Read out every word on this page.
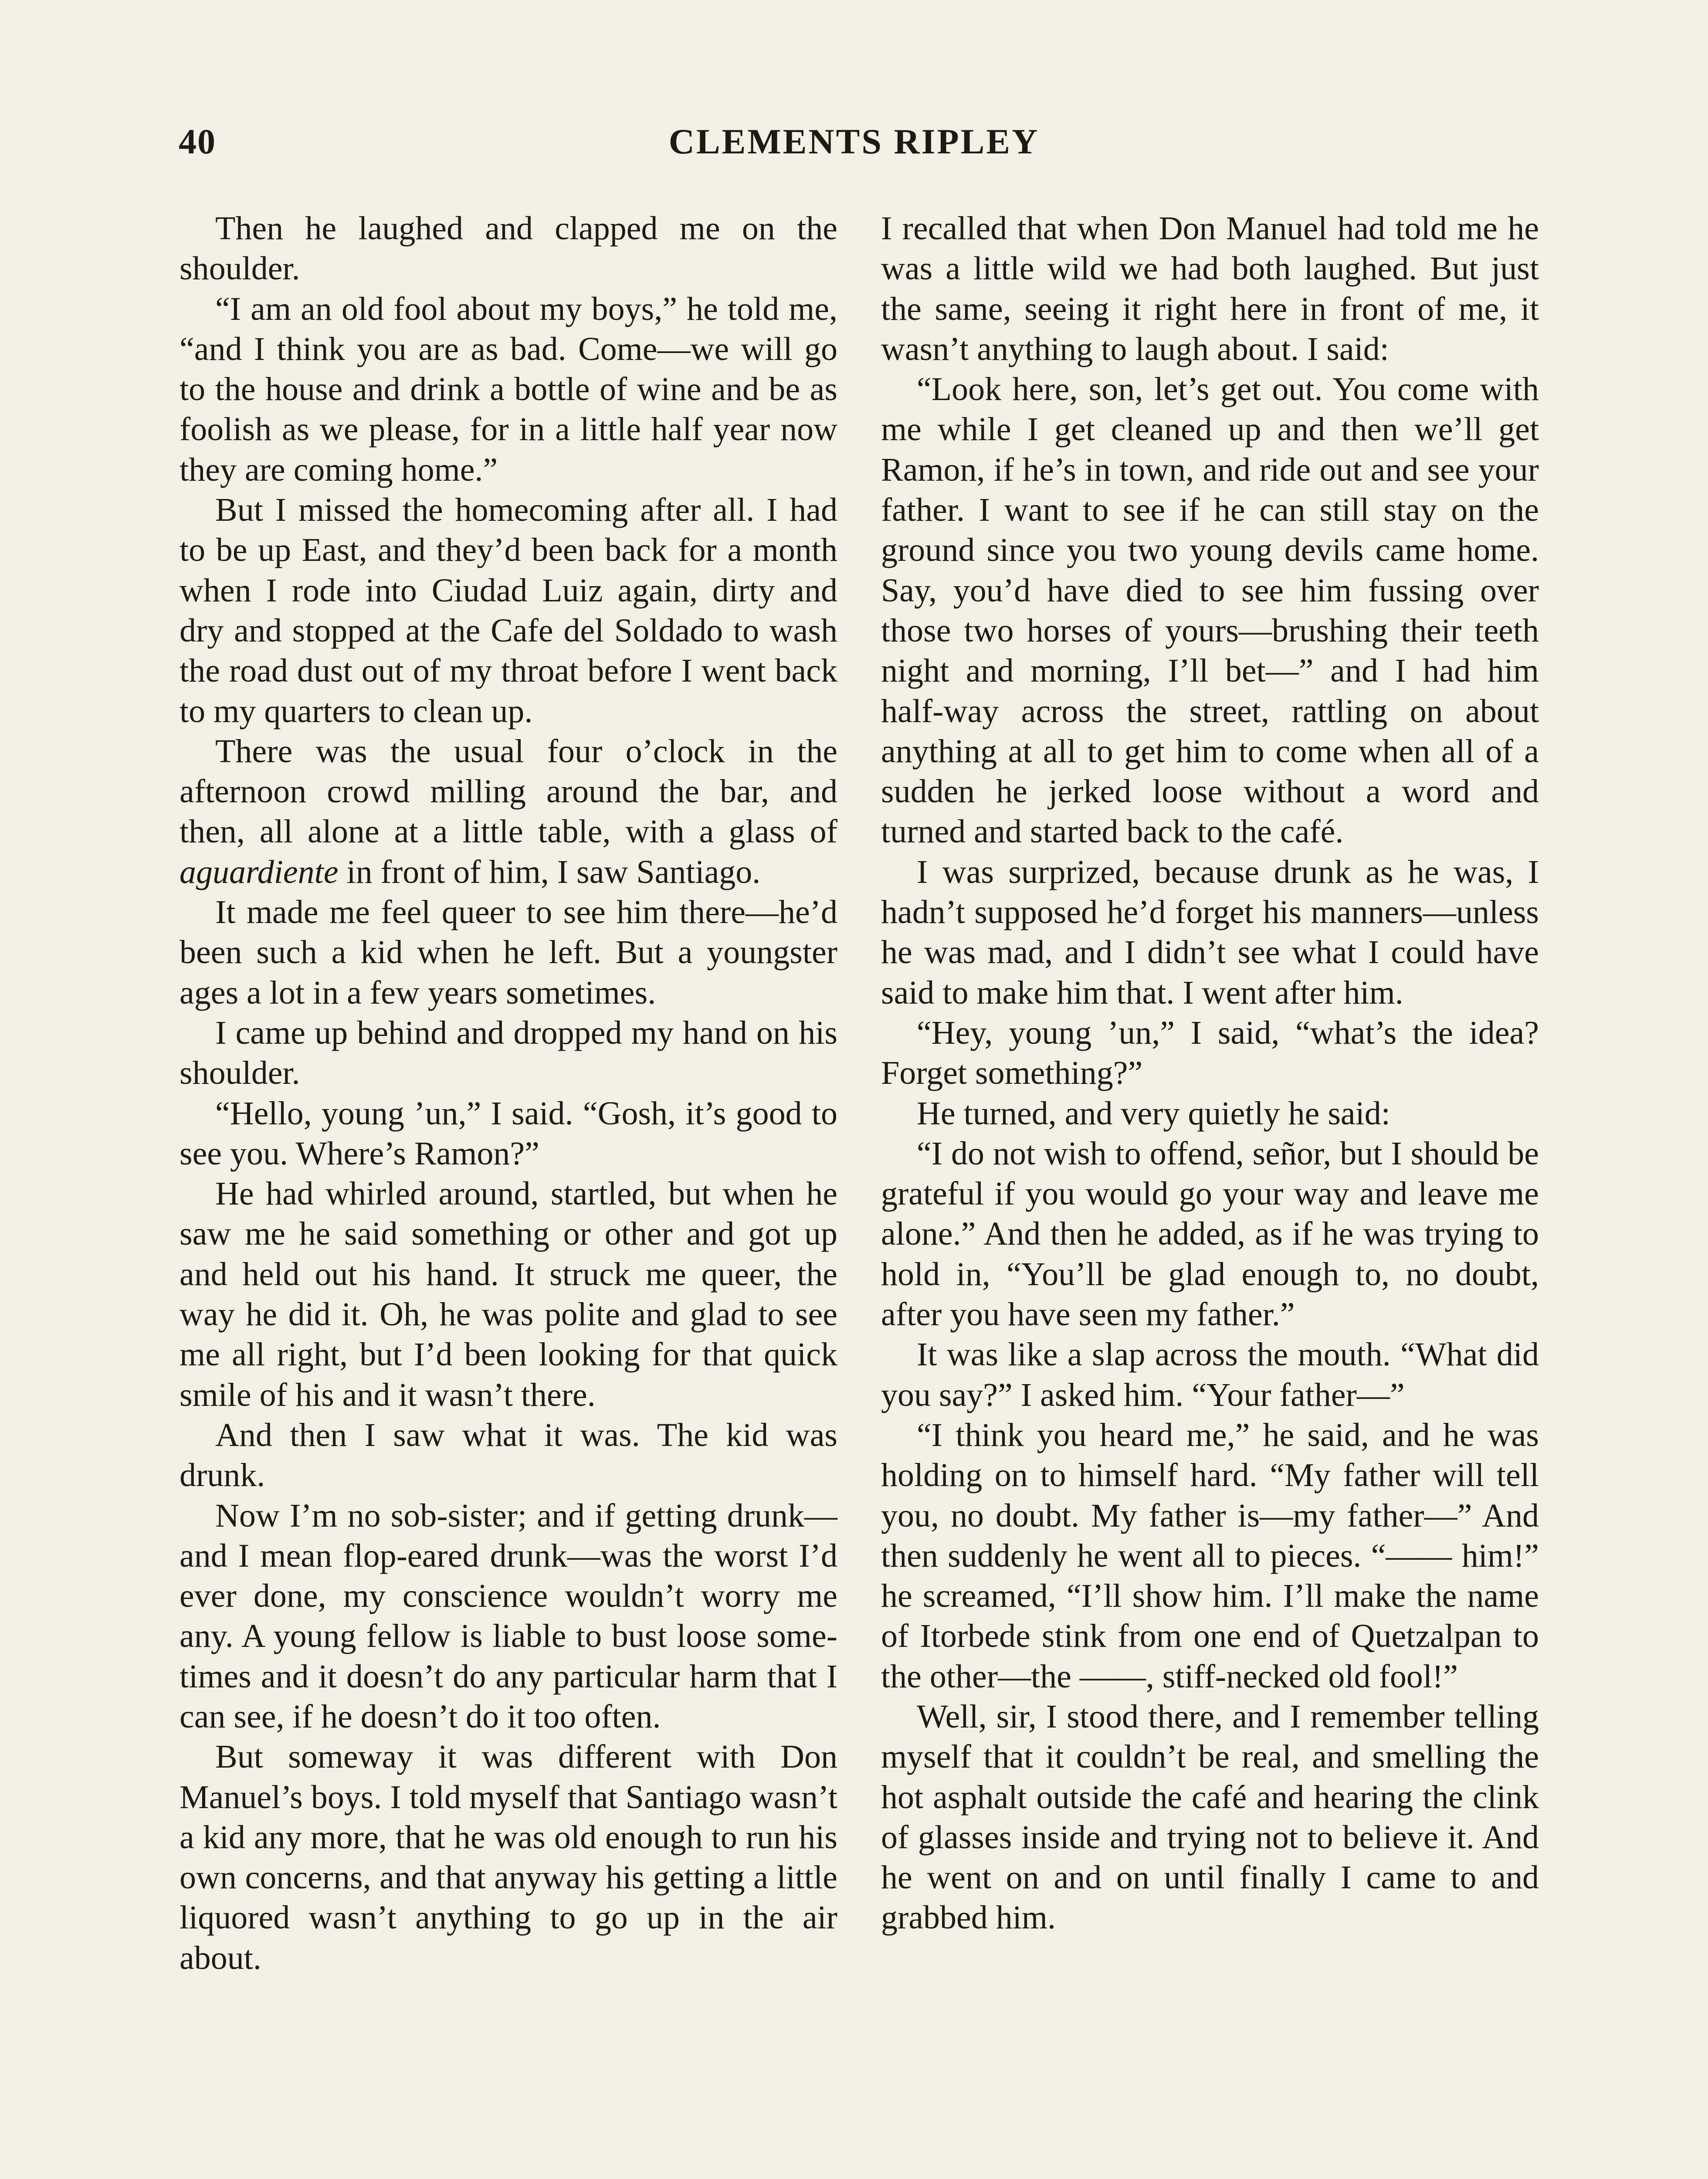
40	CLEMENTS RIPLEY

Then he laughed and clapped me on the shoulder.

“I am an old fool about my boys,” he told me, “and I think you are as bad. Come—we will go to the house and drink a bottle of wine and be as foolish as we please, for in a little half year now they are coming home.”

But I missed the homecoming after all. I had to be up East, and they’d been back for a month when I rode into Ciudad Luiz again, dirty and dry and stopped at the Cafe del Soldado to wash the road dust out of my throat before I went back to my quarters to clean up.

There was the usual four o’clock in the afternoon crowd milling around the bar, and then, all alone at a little table, with a glass of aguardiente in front of him, I saw Santiago.

It made me feel queer to see him there—he’d been such a kid when he left. But a youngster ages a lot in a few years sometimes.

I came up behind and dropped my hand on his shoulder.

“Hello, young ’un,” I said. “Gosh, it’s good to see you. Where’s Ramon?”

He had whirled around, startled, but when he saw me he said something or other and got up and held out his hand. It struck me queer, the way he did it. Oh, he was polite and glad to see me all right, but I’d been looking for that quick smile of his and it wasn’t there.

And then I saw what it was. The kid was drunk.

Now I’m no sob-sister; and if getting drunk—and I mean flop-eared drunk—was the worst I’d ever done, my conscience wouldn’t worry me any. A young fellow is liable to bust loose sometimes and it doesn’t do any particular harm that I can see, if he doesn’t do it too often.

But someway it was different with Don Manuel’s boys. I told myself that Santiago wasn’t a kid any more, that he was old enough to run his own concerns, and that anyway his getting a little liquored wasn’t anything to go up in the air about.

I recalled that when Don Manuel had told me he was a little wild we had both laughed. But just the same, seeing it right here in front of me, it wasn’t anything to laugh about. I said:

“Look here, son, let’s get out. You come with me while I get cleaned up and then we’ll get Ramon, if he’s in town, and ride out and see your father. I want to see if he can still stay on the ground since you two young devils came home. Say, you’d have died to see him fussing over those two horses of yours—brushing their teeth night and morning, I’ll bet—” and I had him half-way across the street, rattling on about anything at all to get him to come when all of a sudden he jerked loose without a word and turned and started back to the café.

I was surprized, because drunk as he was, I hadn’t supposed he’d forget his manners—unless he was mad, and I didn’t see what I could have said to make him that. I went after him.

“Hey, young ’un,” I said, “what’s the idea? Forget something?”

He turned, and very quietly he said:

“I do not wish to offend, señor, but I should be grateful if you would go your way and leave me alone.” And then he added, as if he was trying to hold in, “You’ll be glad enough to, no doubt, after you have seen my father.”

It was like a slap across the mouth. “What did you say?” I asked him. “Your father—”

“I think you heard me,” he said, and he was holding on to himself hard. “My father will tell you, no doubt. My father is—my father—” And then suddenly he went all to pieces. “—— him!” he screamed, “I’ll show him. I’ll make the name of Itorbede stink from one end of Quetzalpan to the other—the ——, stiff-necked old fool!”

Well, sir, I stood there, and I remember telling myself that it couldn’t be real, and smelling the hot asphalt outside the café and hearing the clink of glasses inside and trying not to believe it. And he went on and on until finally I came to and grabbed him.
